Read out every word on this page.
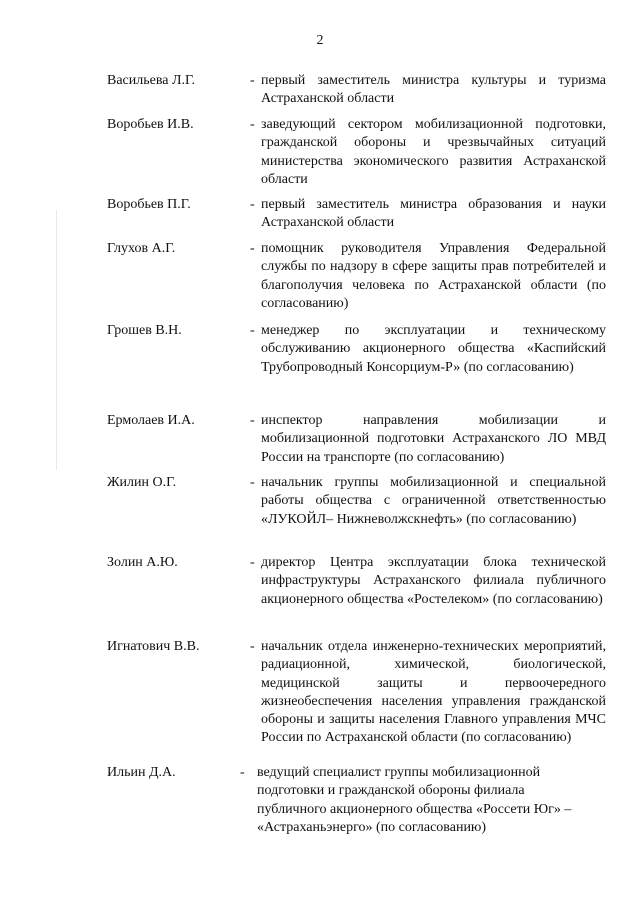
2
Васильева Л.Г.	- первый заместитель министра культуры и туризма Астраханской области
Воробьев И.В.	- заведующий сектором мобилизационной подготовки, гражданской обороны и чрезвычайных ситуаций министерства экономического развития Астраханской области
Воробьев П.Г.	- первый заместитель министра образования и науки Астраханской области
Глухов А.Г.	- помощник руководителя Управления Федеральной службы по надзору в сфере защиты прав потребителей и благополучия человека по Астраханской области (по согласованию)
Грошев В.Н.	- менеджер по эксплуатации и техническому обслуживанию акционерного общества «Каспийский Трубопроводный Консорциум-Р» (по согласованию)
Ермолаев И.А.	- инспектор направления мобилизации и мобилизационной подготовки Астраханского ЛО МВД России на транспорте (по согласованию)
Жилин О.Г.	- начальник группы мобилизационной и специальной работы общества с ограниченной ответственностью «ЛУКОЙЛ– Нижневолжскнефть» (по согласованию)
Золин А.Ю.	- директор Центра эксплуатации блока технической инфраструктуры Астраханского филиала публичного акционерного общества «Ростелеком» (по согласованию)
Игнатович В.В.	- начальник отдела инженерно-технических мероприятий, радиационной, химической, биологической, медицинской защиты и первоочередного жизнеобеспечения населения управления гражданской обороны и защиты населения Главного управления МЧС России по Астраханской области (по согласованию)
Ильин Д.А.	- ведущий специалист группы мобилизационной подготовки и гражданской обороны филиала публичного акционерного общества «Россети Юг» – «Астраханьэнерго» (по согласованию)
